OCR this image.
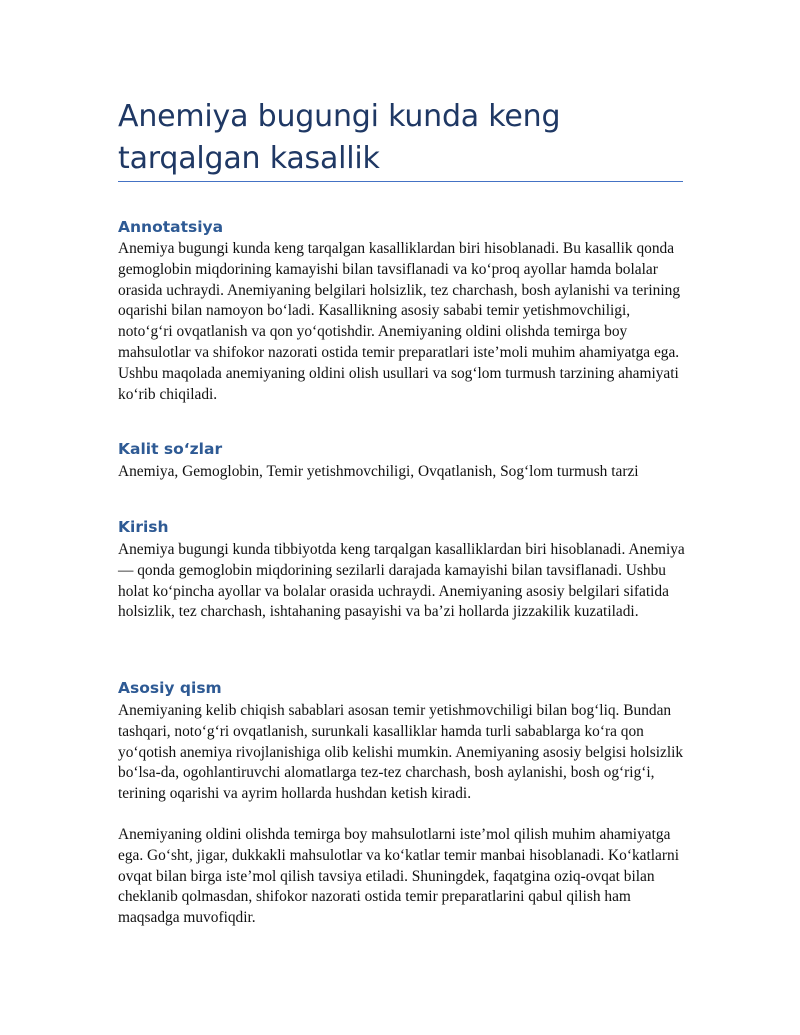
Anemiya bugungi kunda keng tarqalgan kasallik
Annotatsiya

Anemiya bugungi kunda keng tarqalgan kasalliklardan biri hisoblanadi. Bu kasallik qonda gemoglobin miqdorining kamayishi bilan tavsiflanadi va ko‘proq ayollar hamda bolalar orasida uchraydi. Anemiyaning belgilari holsizlik, tez charchash, bosh aylanishi va terining oqarishi bilan namoyon bo‘ladi. Kasallikning asosiy sababi temir yetishmovchiligi, noto‘g‘ri ovqatlanish va qon yo‘qotishdir. Anemiyaning oldini olishda temirga boy mahsulotlar va shifokor nazorati ostida temir preparatlari iste’moli muhim ahamiyatga ega. Ushbu maqolada anemiyaning oldini olish usullari va sog‘lom turmush tarzining ahamiyati ko‘rib chiqiladi.

Kalit so‘zlar

Anemiya, Gemoglobin, Temir yetishmovchiligi, Ovqatlanish, Sog‘lom turmush tarzi

Kirish

Anemiya bugungi kunda tibbiyotda keng tarqalgan kasalliklardan biri hisoblanadi. Anemiya — qonda gemoglobin miqdorining sezilarli darajada kamayishi bilan tavsiflanadi. Ushbu holat ko‘pincha ayollar va bolalar orasida uchraydi. Anemiyaning asosiy belgilari sifatida holsizlik, tez charchash, ishtahaning pasayishi va ba’zi hollarda jizzakilik kuzatiladi.

Asosiy qism

Anemiyaning kelib chiqish sabablari asosan temir yetishmovchiligi bilan bog‘liq. Bundan tashqari, noto‘g‘ri ovqatlanish, surunkali kasalliklar hamda turli sabablarga ko‘ra qon yo‘qotish anemiya rivojlanishiga olib kelishi mumkin. Anemiyaning asosiy belgisi holsizlik bo‘lsa-da, ogohlantiruvchi alomatlarga tez-tez charchash, bosh aylanishi, bosh og‘rig‘i, terining oqarishi va ayrim hollarda hushdan ketish kiradi.

Anemiyaning oldini olishda temirga boy mahsulotlarni iste’mol qilish muhim ahamiyatga ega. Go‘sht, jigar, dukkakli mahsulotlar va ko‘katlar temir manbai hisoblanadi. Ko‘katlarni ovqat bilan birga iste’mol qilish tavsiya etiladi. Shuningdek, faqatgina oziq-ovqat bilan cheklanib qolmasdan, shifokor nazorati ostida temir preparatlarini qabul qilish ham maqsadga muvofiqdir.
